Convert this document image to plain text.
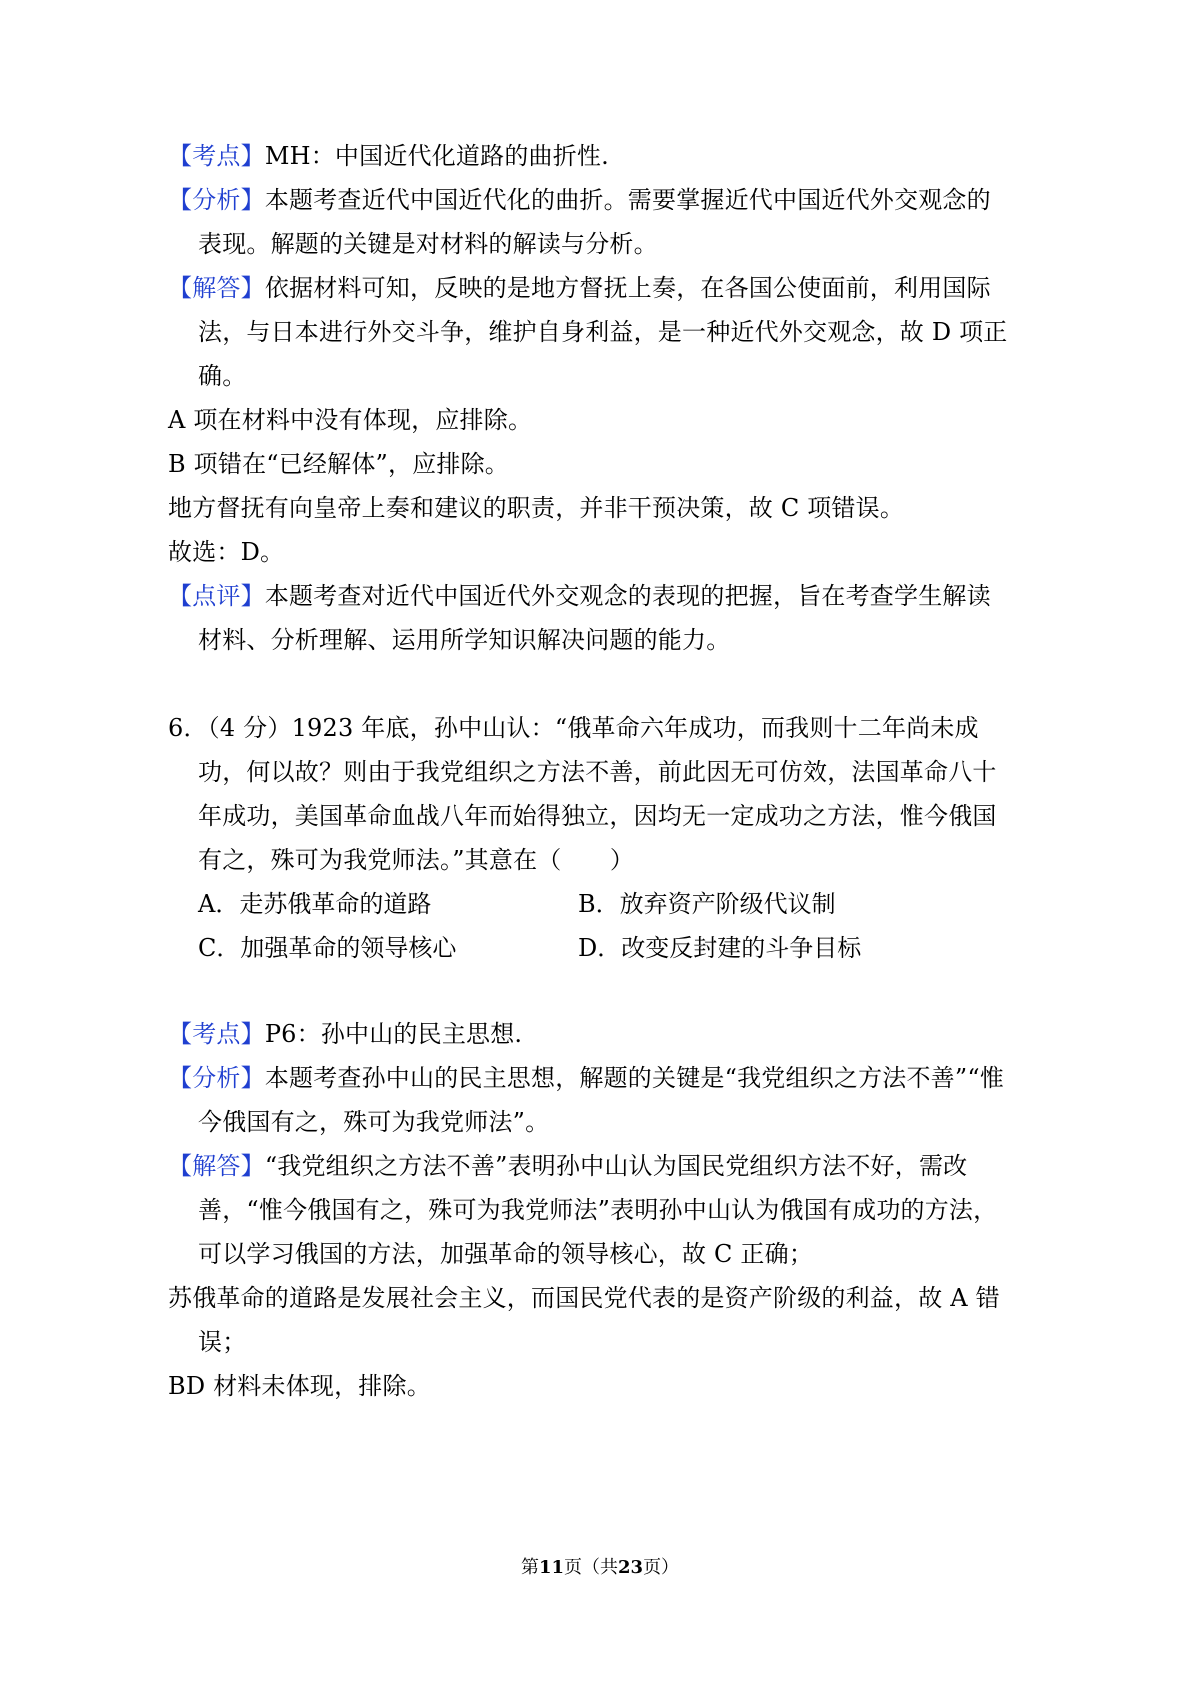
【考点】MH：中国近代化道路的曲折性.
【分析】本题考查近代中国近代化的曲折。需要掌握近代中国近代外交观念的
表现。解题的关键是对材料的解读与分析。
【解答】依据材料可知，反映的是地方督抚上奏，在各国公使面前，利用国际
法，与日本进行外交斗争，维护自身利益，是一种近代外交观念，故 D 项正
确。
A 项在材料中没有体现，应排除。
B 项错在“已经解体”，应排除。
地方督抚有向皇帝上奏和建议的职责，并非干预决策，故 C 项错误。
故选：D。
【点评】本题考查对近代中国近代外交观念的表现的把握，旨在考查学生解读
材料、分析理解、运用所学知识解决问题的能力。
6．（4 分）1923 年底，孙中山认：“俄革命六年成功，而我则十二年尚未成
功，何以故？则由于我党组织之方法不善，前此因无可仿效，法国革命八十
年成功，美国革命血战八年而始得独立，因均无一定成功之方法，惟今俄国
有之，殊可为我党师法。”其意在（　　）
A．走苏俄革命的道路	B．放弃资产阶级代议制
C．加强革命的领导核心	D．改变反封建的斗争目标
【考点】P6：孙中山的民主思想.
【分析】本题考查孙中山的民主思想，解题的关键是“我党组织之方法不善”“惟
今俄国有之，殊可为我党师法”。
【解答】“我党组织之方法不善”表明孙中山认为国民党组织方法不好，需改
善，“惟今俄国有之，殊可为我党师法”表明孙中山认为俄国有成功的方法，
可以学习俄国的方法，加强革命的领导核心，故 C 正确；
苏俄革命的道路是发展社会主义，而国民党代表的是资产阶级的利益，故 A 错
误；
BD 材料未体现，排除。
第11页（共23页）
